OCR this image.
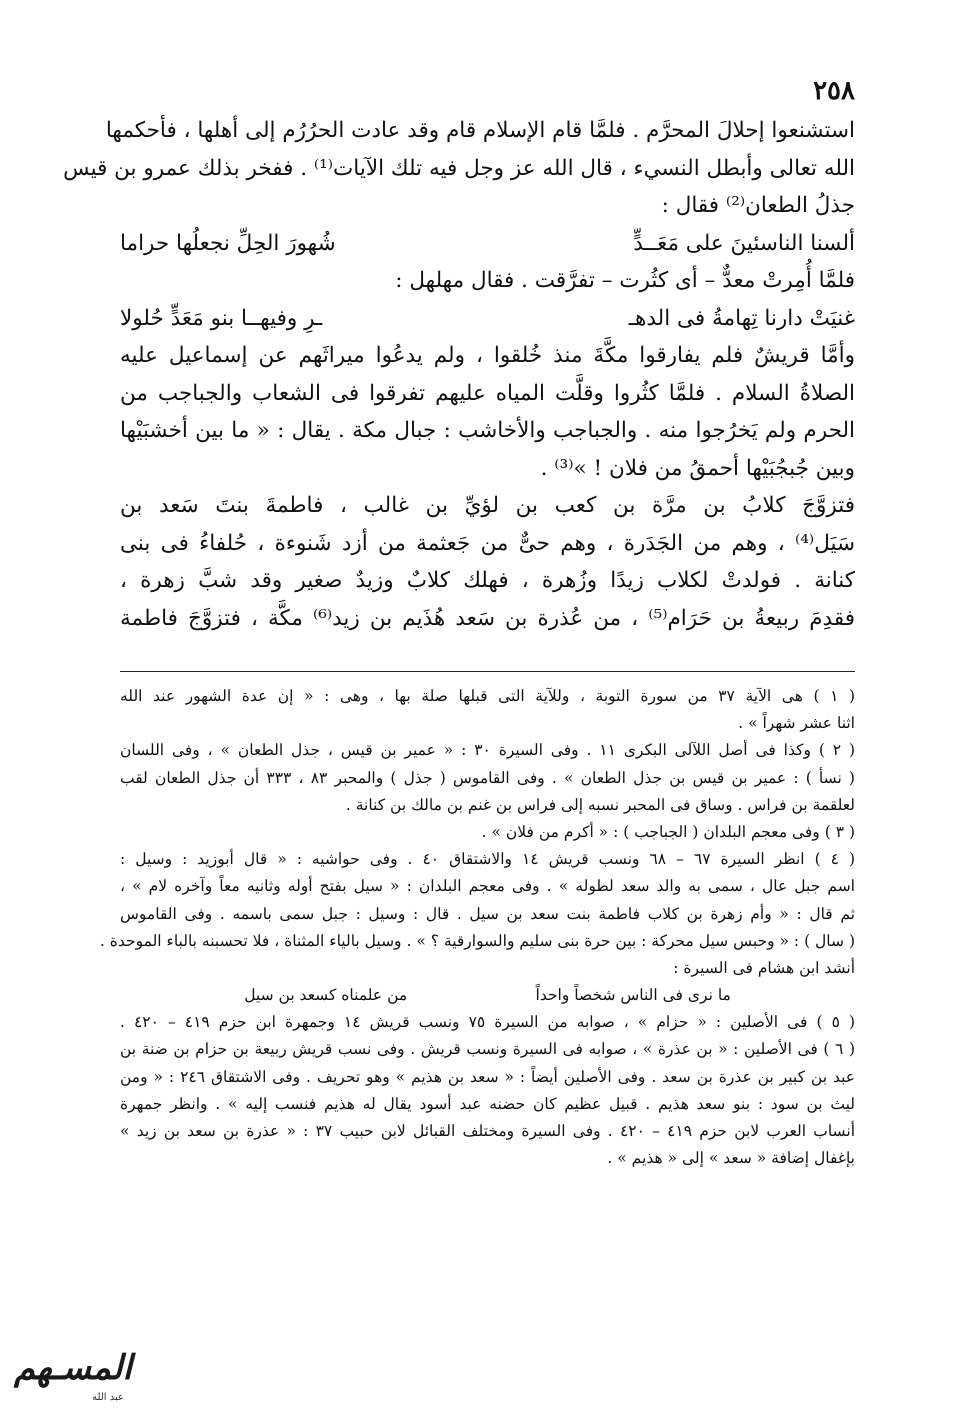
٢٥٨
استشنعوا إحلالَ المحرَّم . فلمَّا قام الإسلام قام وقد عادت الحرُرُم إلى أهلها ، فأحكمها
الله تعالى وأبطل النسيء ، قال الله عز وجل فيه تلك الآيات⁽¹⁾ . ففخر بذلك عمرو بن قيس
جذلُ الطعان⁽²⁾ فقال :
ألسنا الناسئينَ على مَعَــدٍّ
شُهورَ الحِلِّ نجعلُها حراما
فلمَّا أُمِرتْ معدٌّ – أى كثُرت – تفرَّقت . فقال مهلهل :
غنيَتْ دارنا تِهامةُ فى الدهـ
ـرِ وفيهــا بنو مَعَدٍّ حُلولا
وأمَّا قريشٌ فلم يفارقوا مكَّةَ منذ خُلقوا ، ولم يدعُوا ميراثَهم عن إسماعيل عليه
الصلاةُ السلام . فلمَّا كثُروا وقلَّت المياه عليهم تفرقوا فى الشعاب والجباجب من
الحرم ولم يَخرُجوا منه . والجباجب والأخاشب : جبال مكة . يقال : « ما بين أخشبَيْها
وبين جُبجُبَيْها أحمقُ من فلان ! »⁽³⁾ .
فتزوَّجَ كلابُ بن مرَّة بن كعب بن لؤيِّ بن غالب ، فاطمةَ بنتَ سَعد بن
سَيَل⁽⁴⁾ ، وهم من الجَدَرة ، وهم حىٌّ من جَعثمة من أزد شَنوءة ، حُلفاءُ فى بنى
كنانة . فولدتْ لكلاب زيدًا وزُهرة ، فهلك كلابٌ وزيدٌ صغير وقد شبَّ زهرة ،
فقدِمَ ربيعةُ بن حَرَام⁽⁵⁾ ، من عُذرة بن سَعد هُذَيم بن زيد⁽⁶⁾ مكَّة ، فتزوَّجَ فاطمة
( ١ ) هى الآية ٣٧ من سورة التوبة ، وللآية التى قبلها صلة بها ، وهى : « إن عدة الشهور عند الله
اثنا عشر شهراً » .
( ٢ ) وكذا فى أصل اللآلى البكرى ١١ . وفى السيرة ٣٠ : « عمير بن قيس ، جذل الطعان » ، وفى اللسان
( نسأ ) : عمير بن قيس بن جذل الطعان » . وفى القاموس ( جذل ) والمحبر ٨٣ ، ٣٣٣ أن جذل الطعان لقب
لعلقمة بن فراس . وساق فى المحبر نسبه إلى فراس بن غنم بن مالك بن كنانة .
( ٣ ) وفى معجم البلدان ( الجباجب ) : « أكرم من فلان » .
( ٤ ) انظر السيرة ٦٧ – ٦٨ ونسب قريش ١٤ والاشتقاق ٤٠ . وفى حواشيه : « قال أبوزيد : وسيل :
اسم جبل عال ، سمى به والد سعد لطوله » . وفى معجم البلدان : « سيل بفتح أوله وثانيه معاً وآخره لام » ،
ثم قال : « وأم زهرة بن كلاب فاطمة بنت سعد بن سيل . قال : وسيل : جبل سمى باسمه . وفى القاموس
( سال ) : « وحبس سيل محركة : بين حرة بنى سليم والسوارقية ؟ » . وسيل بالياء المثناة ، فلا تحسبنه بالباء الموحدة .
أنشد ابن هشام فى السيرة :
ما نرى فى الناس شخصاً واحداً
من علمناه كسعد بن سيل
( ٥ ) فى الأصلين : « حزام » ، صوابه من السيرة ٧٥ ونسب قريش ١٤ وجمهرة ابن حزم ٤١٩ – ٤٢٠ .
( ٦ ) فى الأصلين : « بن عذرة » ، صوابه فى السيرة ونسب قريش . وفى نسب قريش ربيعة بن حزام بن ضنة بن
عبد بن كبير بن عذرة بن سعد . وفى الأصلين أيضاً : « سعد بن هذيم » وهو تحريف . وفى الاشتقاق ٢٤٦ : « ومن
ليث بن سود : بنو سعد هذيم . قبيل عظيم كان حضنه عبد أسود يقال له هذيم فنسب إليه » . وانظر جمهرة
أنساب العرب لابن حزم ٤١٩ – ٤٢٠ . وفى السيرة ومختلف القبائل لابن حبيب ٣٧ : « عذرة بن سعد بن زيد »
بإغفال إضافة « سعد » إلى « هذيم » .
المسـهم
عبد الله
